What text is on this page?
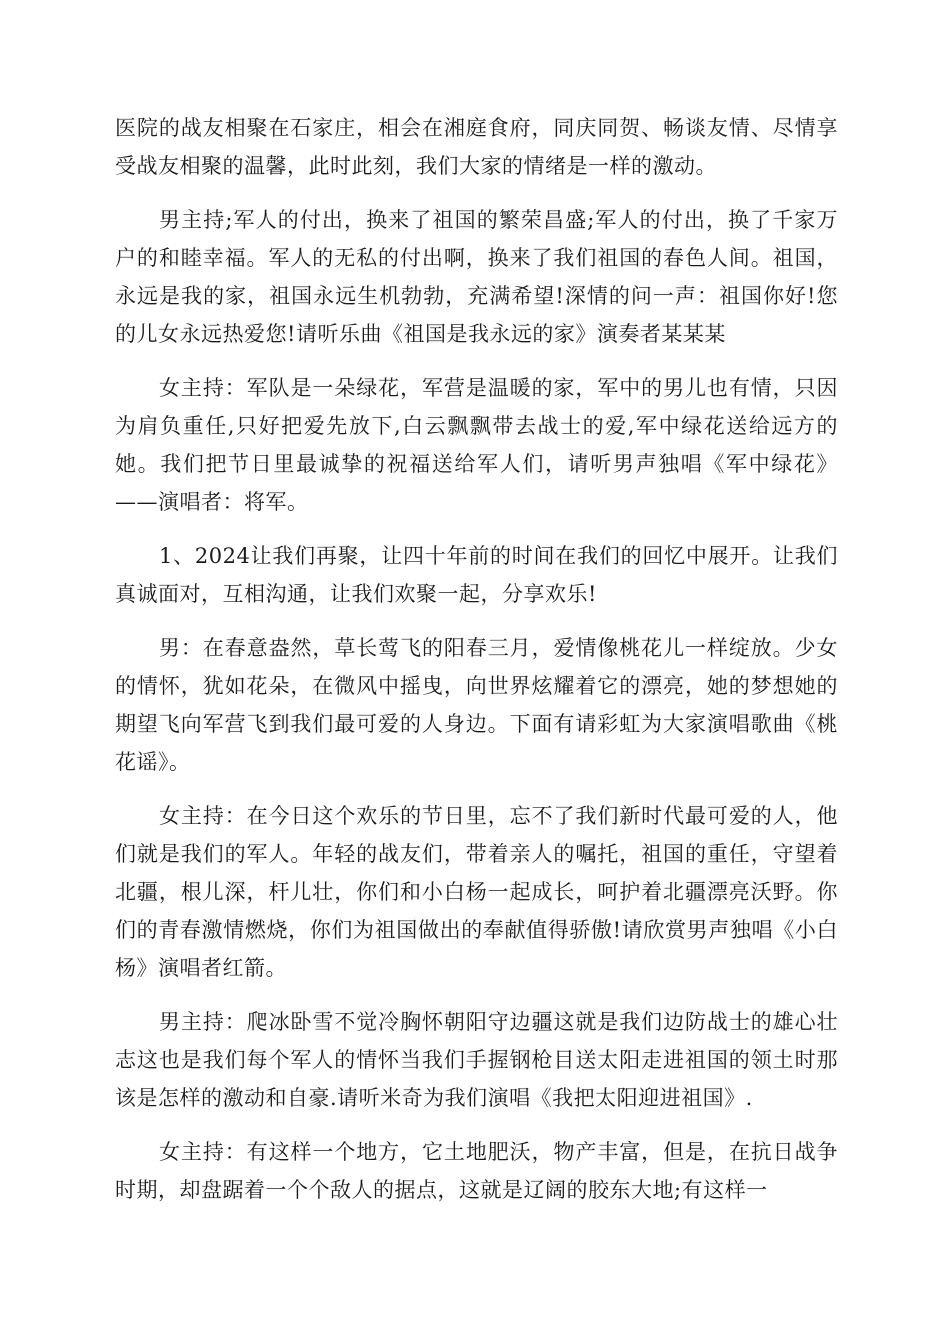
医院的战友相聚在石家庄，相会在湘庭食府，同庆同贺、畅谈友情、尽情享受战友相聚的温馨，此时此刻，我们大家的情绪是一样的激动。

男主持;军人的付出，换来了祖国的繁荣昌盛;军人的付出，换了千家万户的和睦幸福。军人的无私的付出啊，换来了我们祖国的春色人间。祖国，永远是我的家，祖国永远生机勃勃，充满希望!深情的问一声：祖国你好!您的儿女永远热爱您!请听乐曲《祖国是我永远的家》演奏者某某某

女主持：军队是一朵绿花，军营是温暖的家，军中的男儿也有情，只因为肩负重任,只好把爱先放下,白云飘飘带去战士的爱,军中绿花送给远方的她。我们把节日里最诚挚的祝福送给军人们，请听男声独唱《军中绿花》——演唱者：将军。

1、2024让我们再聚，让四十年前的时间在我们的回忆中展开。让我们真诚面对，互相沟通，让我们欢聚一起，分享欢乐!

男：在春意盎然，草长莺飞的阳春三月，爱情像桃花儿一样绽放。少女的情怀，犹如花朵，在微风中摇曳，向世界炫耀着它的漂亮，她的梦想她的期望飞向军营飞到我们最可爱的人身边。下面有请彩虹为大家演唱歌曲《桃花谣》。

女主持：在今日这个欢乐的节日里，忘不了我们新时代最可爱的人，他们就是我们的军人。年轻的战友们，带着亲人的嘱托，祖国的重任，守望着北疆，根儿深，杆儿壮，你们和小白杨一起成长，呵护着北疆漂亮沃野。你们的青春激情燃烧，你们为祖国做出的奉献值得骄傲!请欣赏男声独唱《小白杨》演唱者红箭。

男主持：爬冰卧雪不觉冷胸怀朝阳守边疆这就是我们边防战士的雄心壮志这也是我们每个军人的情怀当我们手握钢枪目送太阳走进祖国的领土时那该是怎样的激动和自豪.请听米奇为我们演唱《我把太阳迎进祖国》.

女主持：有这样一个地方，它土地肥沃，物产丰富，但是，在抗日战争时期，却盘踞着一个个敌人的据点，这就是辽阔的胶东大地;有这样一
